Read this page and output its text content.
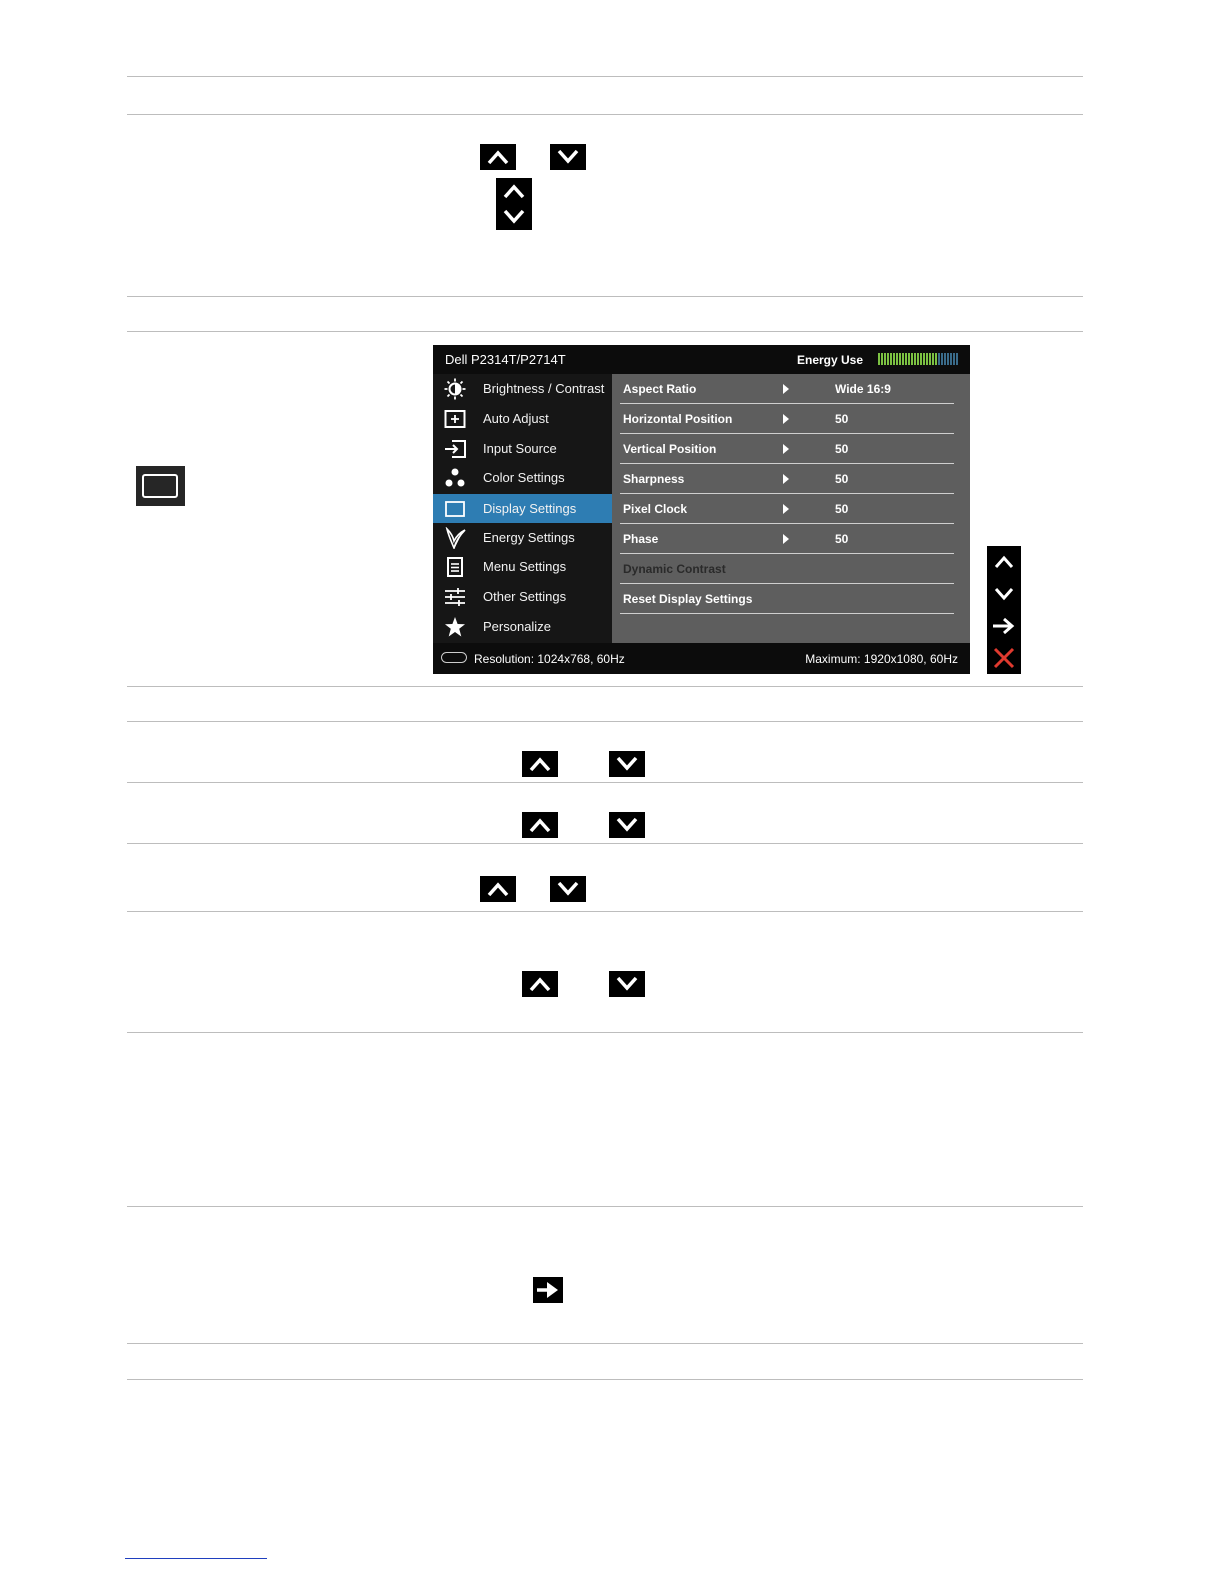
Dell P2314T/P2714T	Energy Use
Brightness / Contrast
Auto Adjust
Input Source
Color Settings
Display Settings
Energy Settings
Menu Settings
Other Settings
Personalize
Aspect Ratio	Wide 16:9
Horizontal Position	50
Vertical Position	50
Sharpness	50
Pixel Clock	50
Phase	50
Dynamic Contrast
Reset Display Settings
Resolution: 1024x768, 60Hz	Maximum: 1920x1080, 60Hz
